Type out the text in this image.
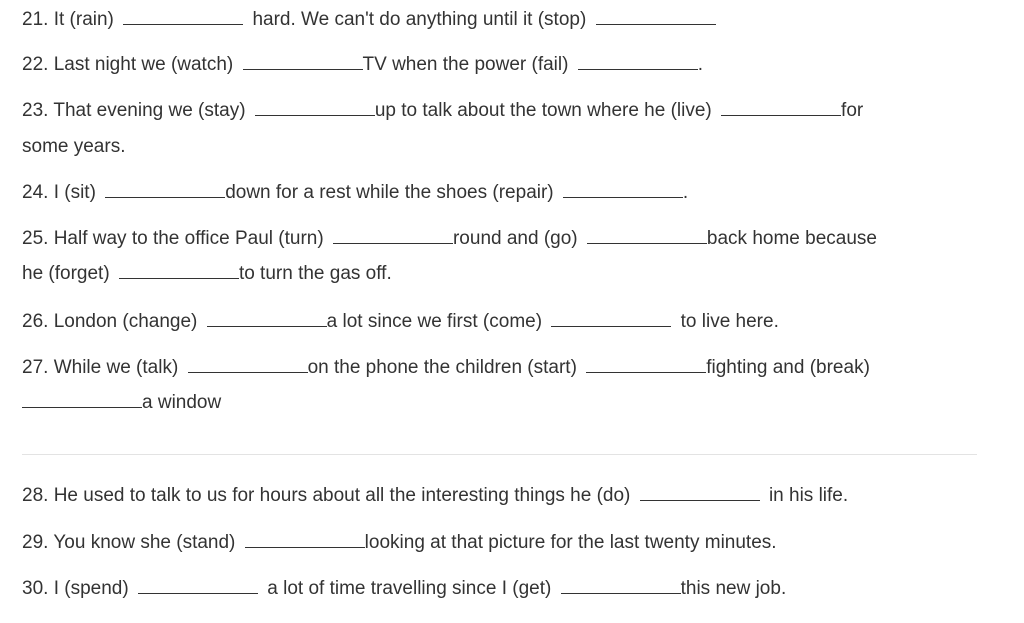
21. It (rain)	hard. We can't do anything until it (stop)
22. Last night we (watch)	TV when the power (fail)	.
23. That evening we (stay)	up to talk about the town where he (live)	for
some years.
24. I (sit)	down for a rest while the shoes (repair)	.
25. Half way to the office Paul (turn)	round and (go)	back home because
he (forget)	to turn the gas off.
26. London (change)	a lot since we first (come)	to live here.
27. While we (talk)	on the phone the children (start)	fighting and (break)
a window
28. He used to talk to us for hours about all the interesting things he (do)	in his life.
29. You know she (stand)	looking at that picture for the last twenty minutes.
30. I (spend)	a lot of time travelling since I (get)	this new job.
